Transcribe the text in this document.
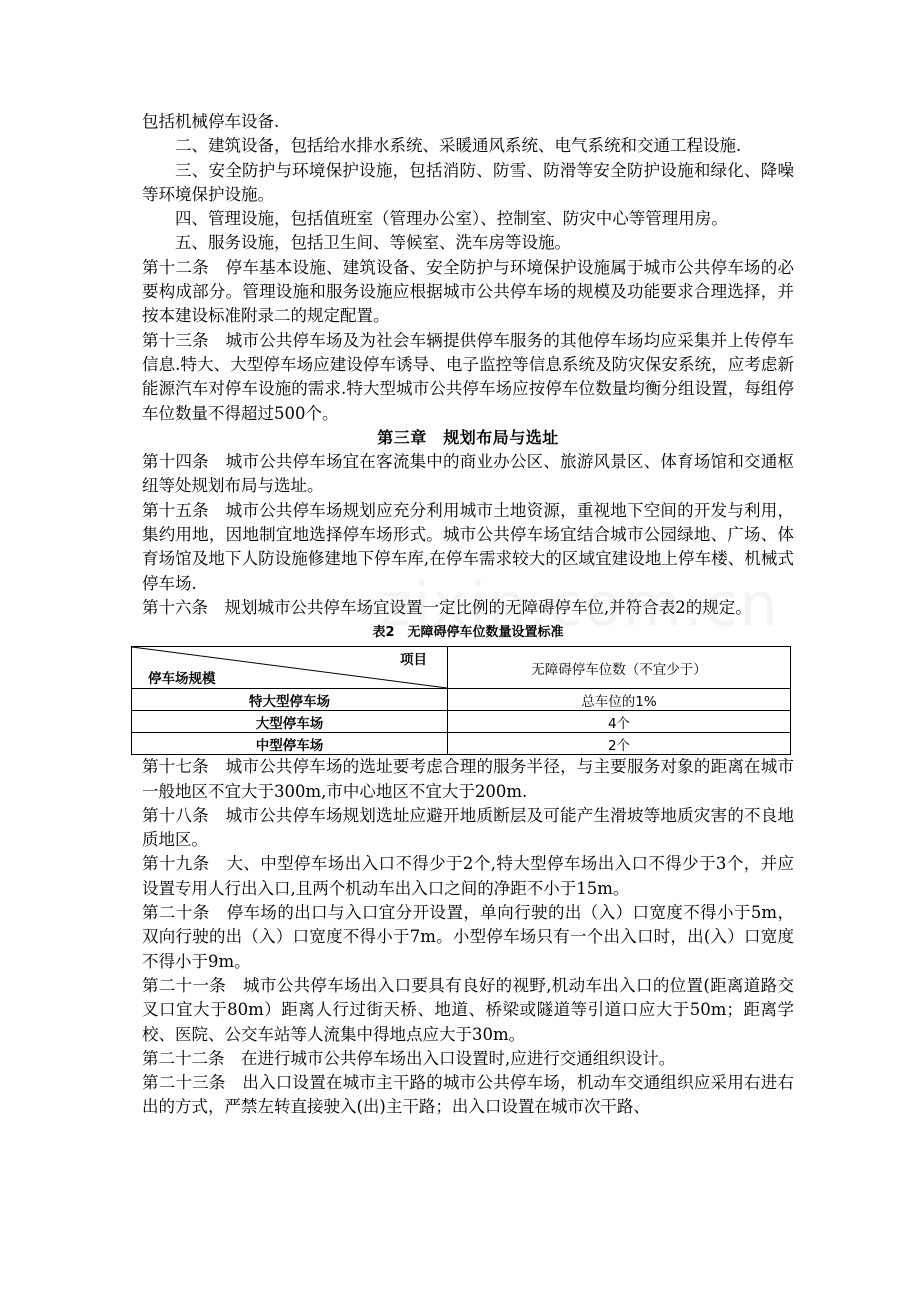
包括机械停车设备.

二、建筑设备，包括给水排水系统、采暖通风系统、电气系统和交通工程设施.

三、安全防护与环境保护设施，包括消防、防雪、防滑等安全防护设施和绿化、降噪等环境保护设施。

四、管理设施，包括值班室（管理办公室）、控制室、防灾中心等管理用房。

五、服务设施，包括卫生间、等候室、洗车房等设施。

第十二条　停车基本设施、建筑设备、安全防护与环境保护设施属于城市公共停车场的必要构成部分。管理设施和服务设施应根据城市公共停车场的规模及功能要求合理选择，并按本建设标准附录二的规定配置。

第十三条　城市公共停车场及为社会车辆提供停车服务的其他停车场均应采集并上传停车信息.特大、大型停车场应建设停车诱导、电子监控等信息系统及防灾保安系统，应考虑新能源汽车对停车设施的需求.特大型城市公共停车场应按停车位数量均衡分组设置，每组停车位数量不得超过500个。

第三章　规划布局与选址

第十四条　城市公共停车场宜在客流集中的商业办公区、旅游风景区、体育场馆和交通枢纽等处规划布局与选址。

第十五条　城市公共停车场规划应充分利用城市土地资源，重视地下空间的开发与利用，集约用地，因地制宜地选择停车场形式。城市公共停车场宜结合城市公园绿地、广场、体育场馆及地下人防设施修建地下停车库,在停车需求较大的区域宜建设地上停车楼、机械式停车场.

第十六条　规划城市公共停车场宜设置一定比例的无障碍停车位,并符合表2的规定。

表2　无障碍停车位数量设置标准

项目
停车场规模	无障碍停车位数（不宜少于）
特大型停车场	总车位的1%
大型停车场	4个
中型停车场	2个

第十七条　城市公共停车场的选址要考虑合理的服务半径，与主要服务对象的距离在城市一般地区不宜大于300m,市中心地区不宜大于200m.

第十八条　城市公共停车场规划选址应避开地质断层及可能产生滑坡等地质灾害的不良地质地区。

第十九条　大、中型停车场出入口不得少于2个,特大型停车场出入口不得少于3个，并应设置专用人行出入口,且两个机动车出入口之间的净距不小于15m。

第二十条　停车场的出口与入口宜分开设置，单向行驶的出（入）口宽度不得小于5m，双向行驶的出（入）口宽度不得小于7m。小型停车场只有一个出入口时，出(入）口宽度不得小于9m。

第二十一条　城市公共停车场出入口要具有良好的视野,机动车出入口的位置(距离道路交叉口宜大于80m）距离人行过街天桥、地道、桥梁或隧道等引道口应大于50m；距离学校、医院、公交车站等人流集中得地点应大于30m。

第二十二条　在进行城市公共停车场出入口设置时,应进行交通组织设计。

第二十三条　出入口设置在城市主干路的城市公共停车场，机动车交通组织应采用右进右出的方式，严禁左转直接驶入(出)主干路；出入口设置在城市次干路、
